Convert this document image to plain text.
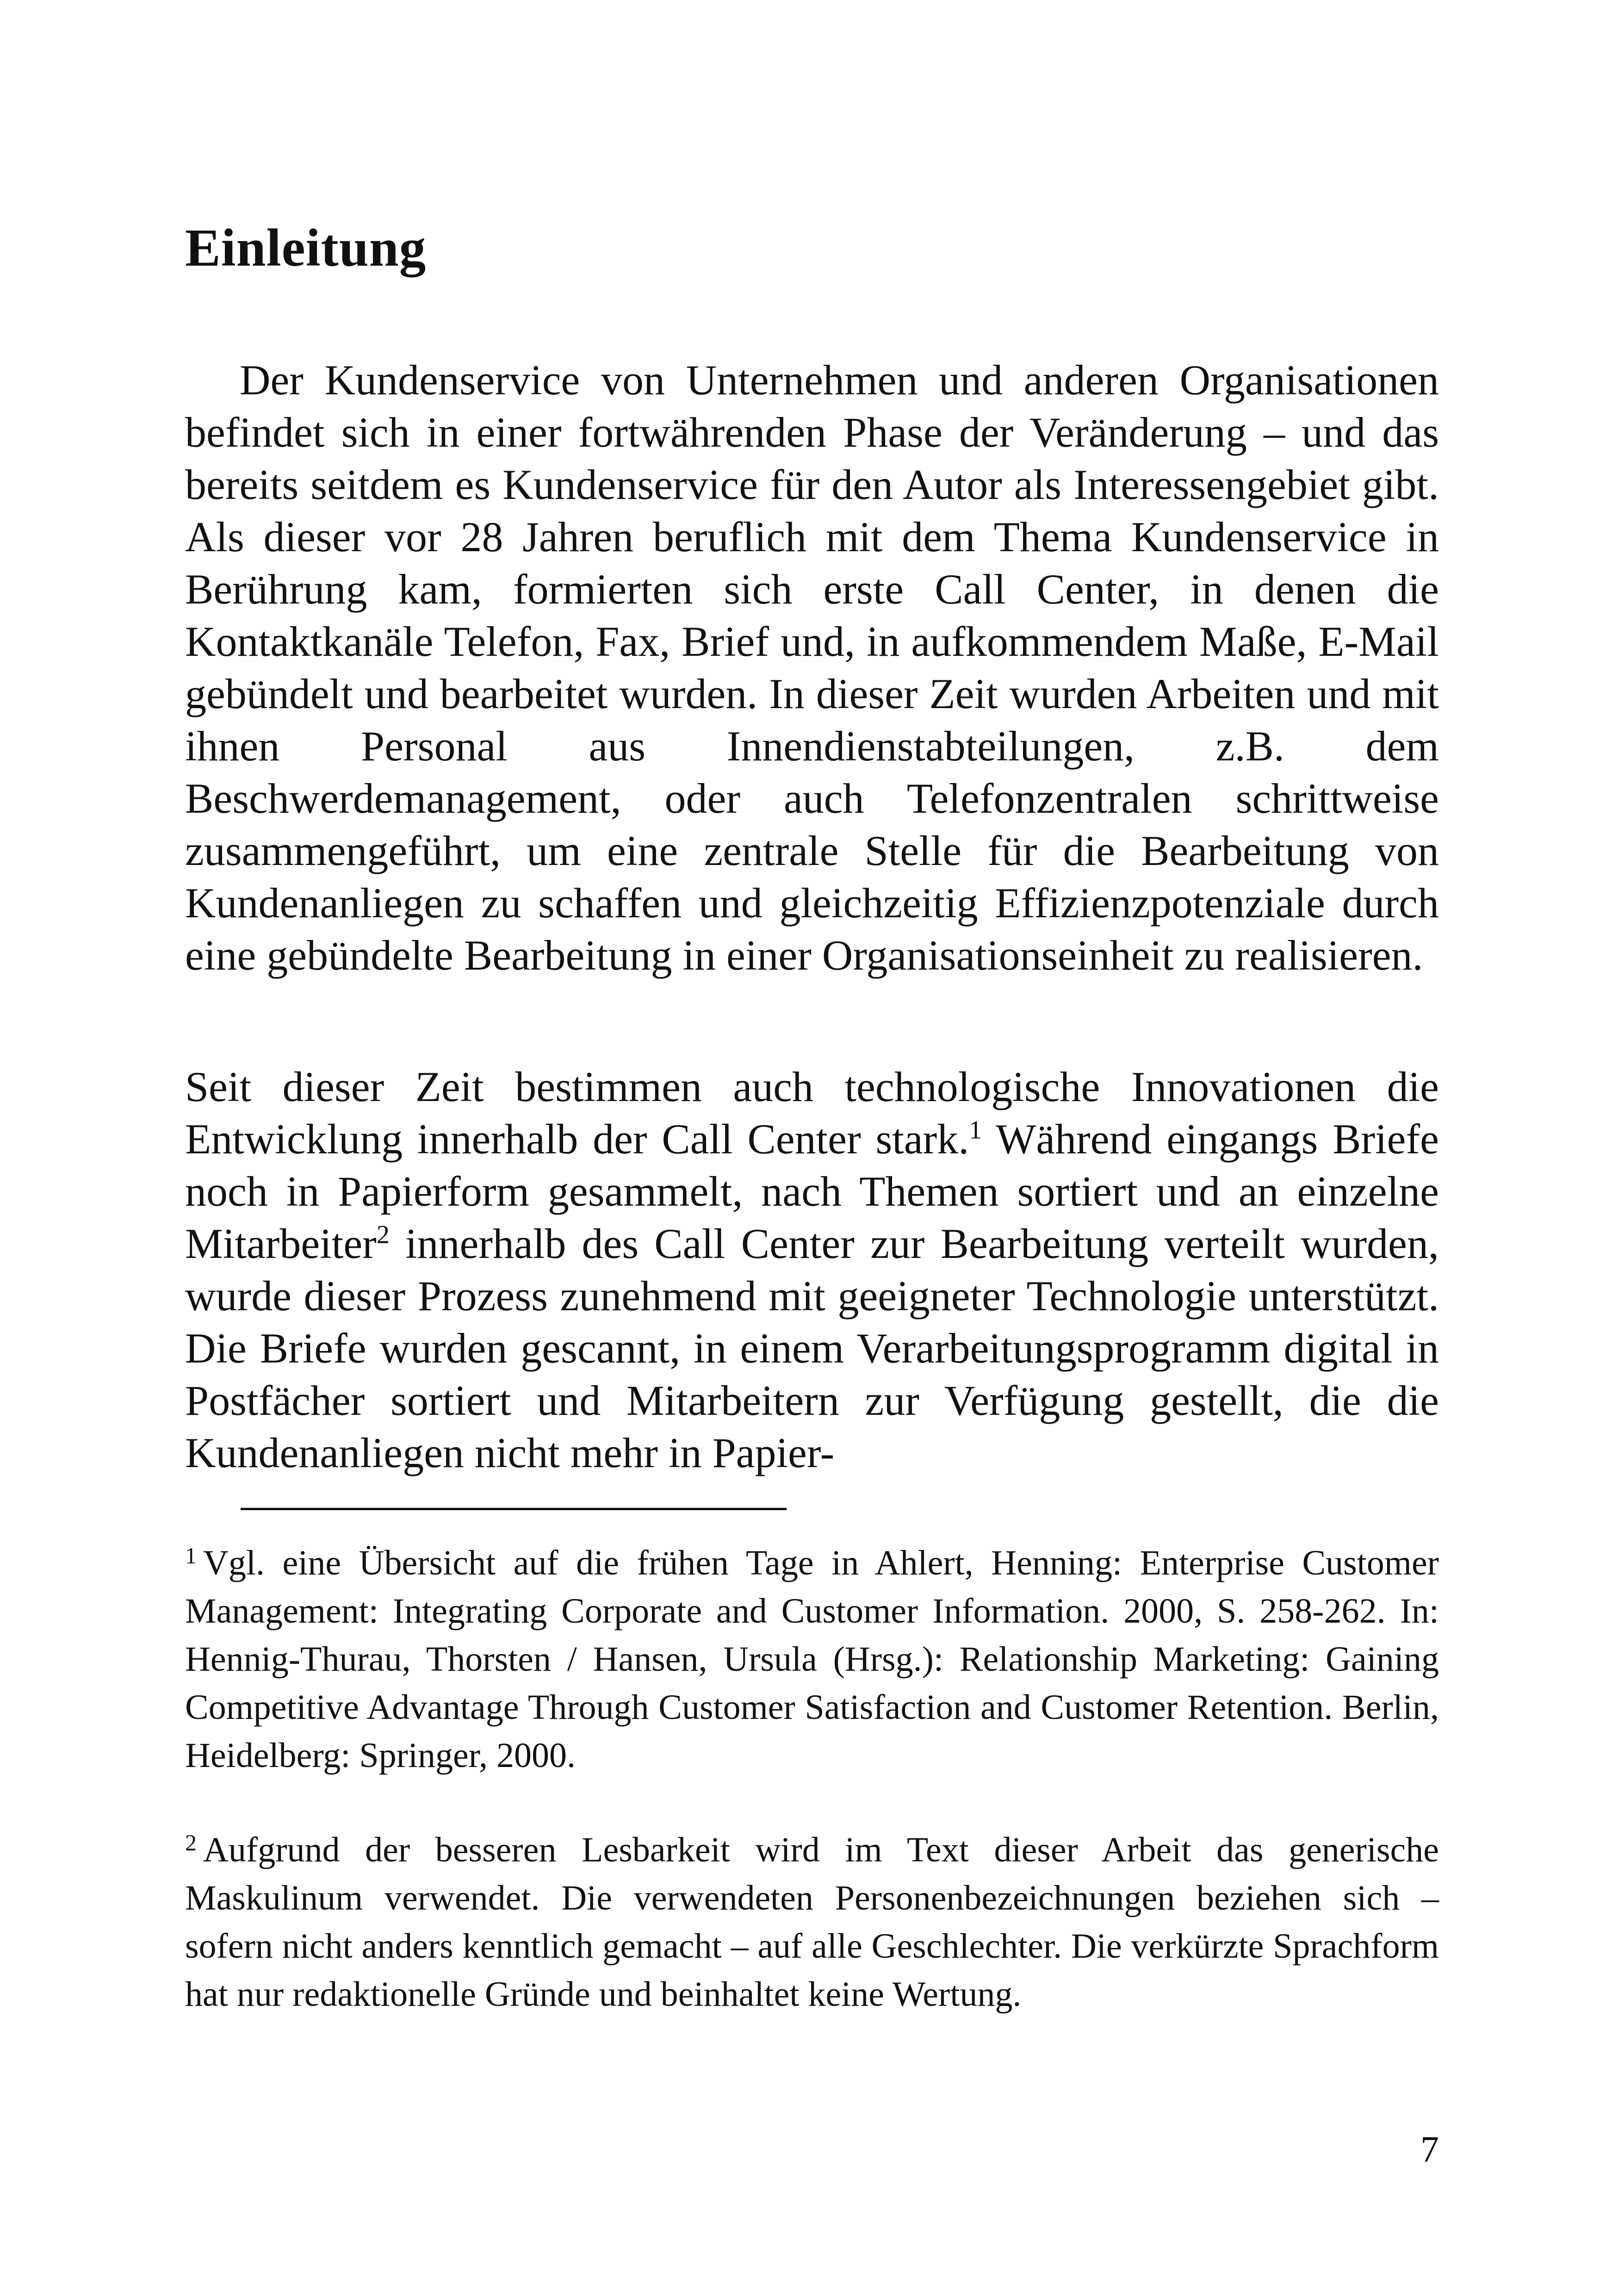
Einleitung

Der Kundenservice von Unternehmen und anderen Organisationen befindet sich in einer fortwährenden Phase der Veränderung – und das bereits seitdem es Kundenservice für den Autor als Interessengebiet gibt. Als dieser vor 28 Jahren beruflich mit dem Thema Kundenservice in Berührung kam, formierten sich erste Call Center, in denen die Kontaktkanäle Telefon, Fax, Brief und, in aufkommendem Maße, E-Mail gebündelt und bearbeitet wurden. In dieser Zeit wurden Arbeiten und mit ihnen Personal aus Innendienstabteilungen, z.B. dem Beschwerdemanagement, oder auch Telefonzentralen schrittweise zusammengeführt, um eine zentrale Stelle für die Bearbeitung von Kundenanliegen zu schaffen und gleichzeitig Effizienzpotenziale durch eine gebündelte Bearbeitung in einer Organisationseinheit zu realisieren.

Seit dieser Zeit bestimmen auch technologische Innovationen die Entwicklung innerhalb der Call Center stark.$^1$ Während eingangs Briefe noch in Papierform gesammelt, nach Themen sortiert und an einzelne Mitarbeiter$^2$ innerhalb des Call Center zur Bearbeitung verteilt wurden, wurde dieser Prozess zunehmend mit geeigneter Technologie unterstützt. Die Briefe wurden gescannt, in einem Verarbeitungsprogramm digital in Postfächer sortiert und Mitarbeitern zur Verfügung gestellt, die die Kundenanliegen nicht mehr in Papier-

$^1$ Vgl. eine Übersicht auf die frühen Tage in Ahlert, Henning: Enterprise Customer Management: Integrating Corporate and Customer Information. 2000, S. 258-262. In: Hennig-Thurau, Thorsten / Hansen, Ursula (Hrsg.): Relationship Marketing: Gaining Competitive Advantage Through Customer Satisfaction and Customer Retention. Berlin, Heidelberg: Springer, 2000.

$^2$ Aufgrund der besseren Lesbarkeit wird im Text dieser Arbeit das generische Maskulinum verwendet. Die verwendeten Personenbezeichnungen beziehen sich – sofern nicht anders kenntlich gemacht – auf alle Geschlechter. Die verkürzte Sprachform hat nur redaktionelle Gründe und beinhaltet keine Wertung.

7
